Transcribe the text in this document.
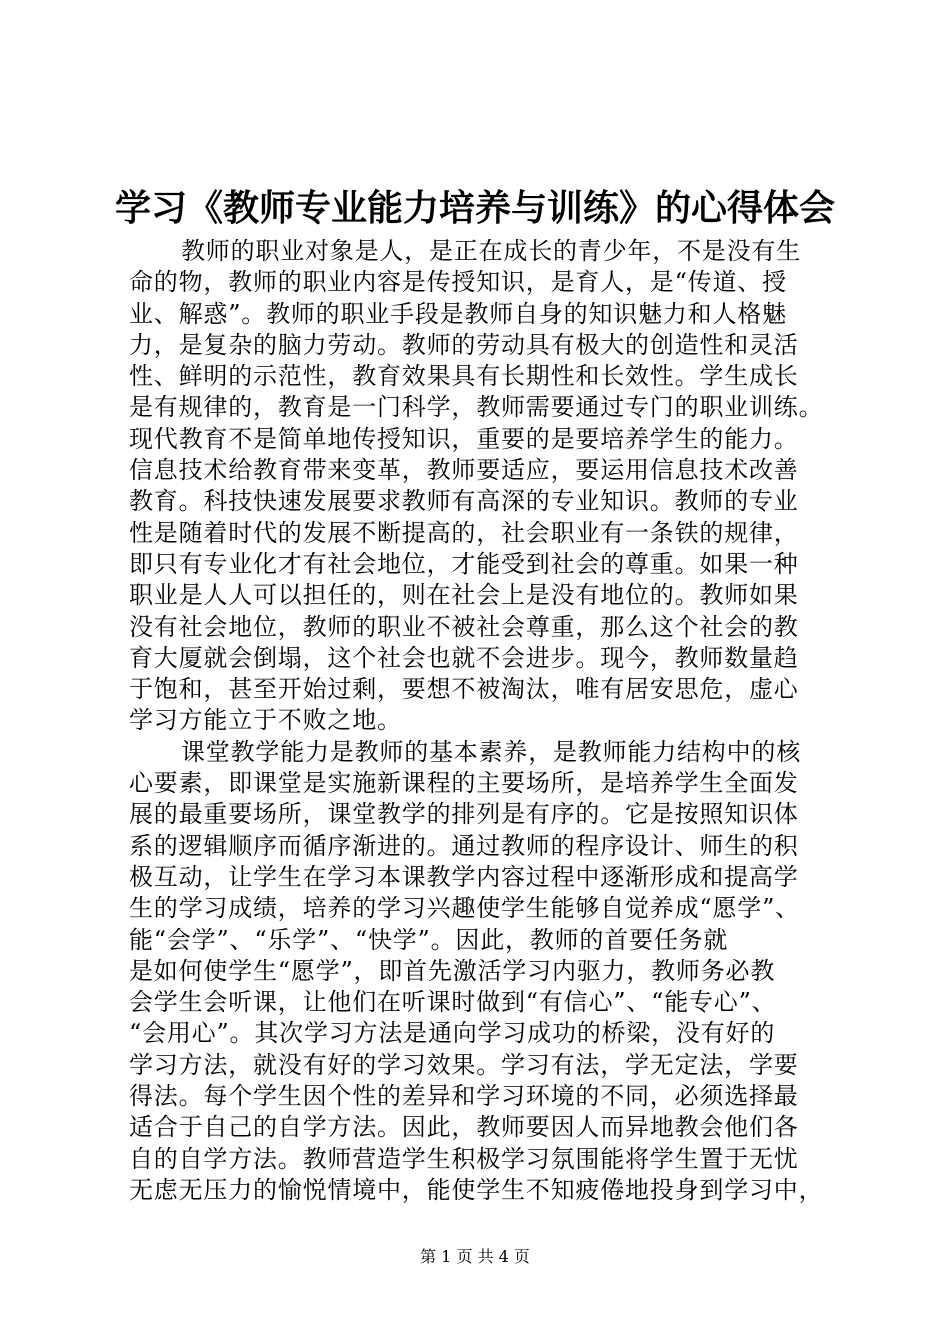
学习《教师专业能力培养与训练》的心得体会
教师的职业对象是人，是正在成长的青少年，不是没有生
命的物，教师的职业内容是传授知识，是育人，是“传道、授
业、解惑”。教师的职业手段是教师自身的知识魅力和人格魅
力，是复杂的脑力劳动。教师的劳动具有极大的创造性和灵活
性、鲜明的示范性，教育效果具有长期性和长效性。学生成长
是有规律的，教育是一门科学，教师需要通过专门的职业训练。
现代教育不是简单地传授知识，重要的是要培养学生的能力。
信息技术给教育带来变革，教师要适应，要运用信息技术改善
教育。科技快速发展要求教师有高深的专业知识。教师的专业
性是随着时代的发展不断提高的，社会职业有一条铁的规律，
即只有专业化才有社会地位，才能受到社会的尊重。如果一种
职业是人人可以担任的，则在社会上是没有地位的。教师如果
没有社会地位，教师的职业不被社会尊重，那么这个社会的教
育大厦就会倒塌，这个社会也就不会进步。现今，教师数量趋
于饱和，甚至开始过剩，要想不被淘汰，唯有居安思危，虚心
学习方能立于不败之地。
课堂教学能力是教师的基本素养，是教师能力结构中的核
心要素，即课堂是实施新课程的主要场所，是培养学生全面发
展的最重要场所，课堂教学的排列是有序的。它是按照知识体
系的逻辑顺序而循序渐进的。通过教师的程序设计、师生的积
极互动，让学生在学习本课教学内容过程中逐渐形成和提高学
生的学习成绩，培养的学习兴趣使学生能够自觉养成“愿学”、
能“会学”、“乐学”、“快学”。因此，教师的首要任务就
是如何使学生“愿学”，即首先激活学习内驱力，教师务必教
会学生会听课，让他们在听课时做到“有信心”、“能专心”、
“会用心”。其次学习方法是通向学习成功的桥梁，没有好的
学习方法，就没有好的学习效果。学习有法，学无定法，学要
得法。每个学生因个性的差异和学习环境的不同，必须选择最
适合于自己的自学方法。因此，教师要因人而异地教会他们各
自的自学方法。教师营造学生积极学习氛围能将学生置于无忧
无虑无压力的愉悦情境中，能使学生不知疲倦地投身到学习中，
第 1 页 共 4 页
